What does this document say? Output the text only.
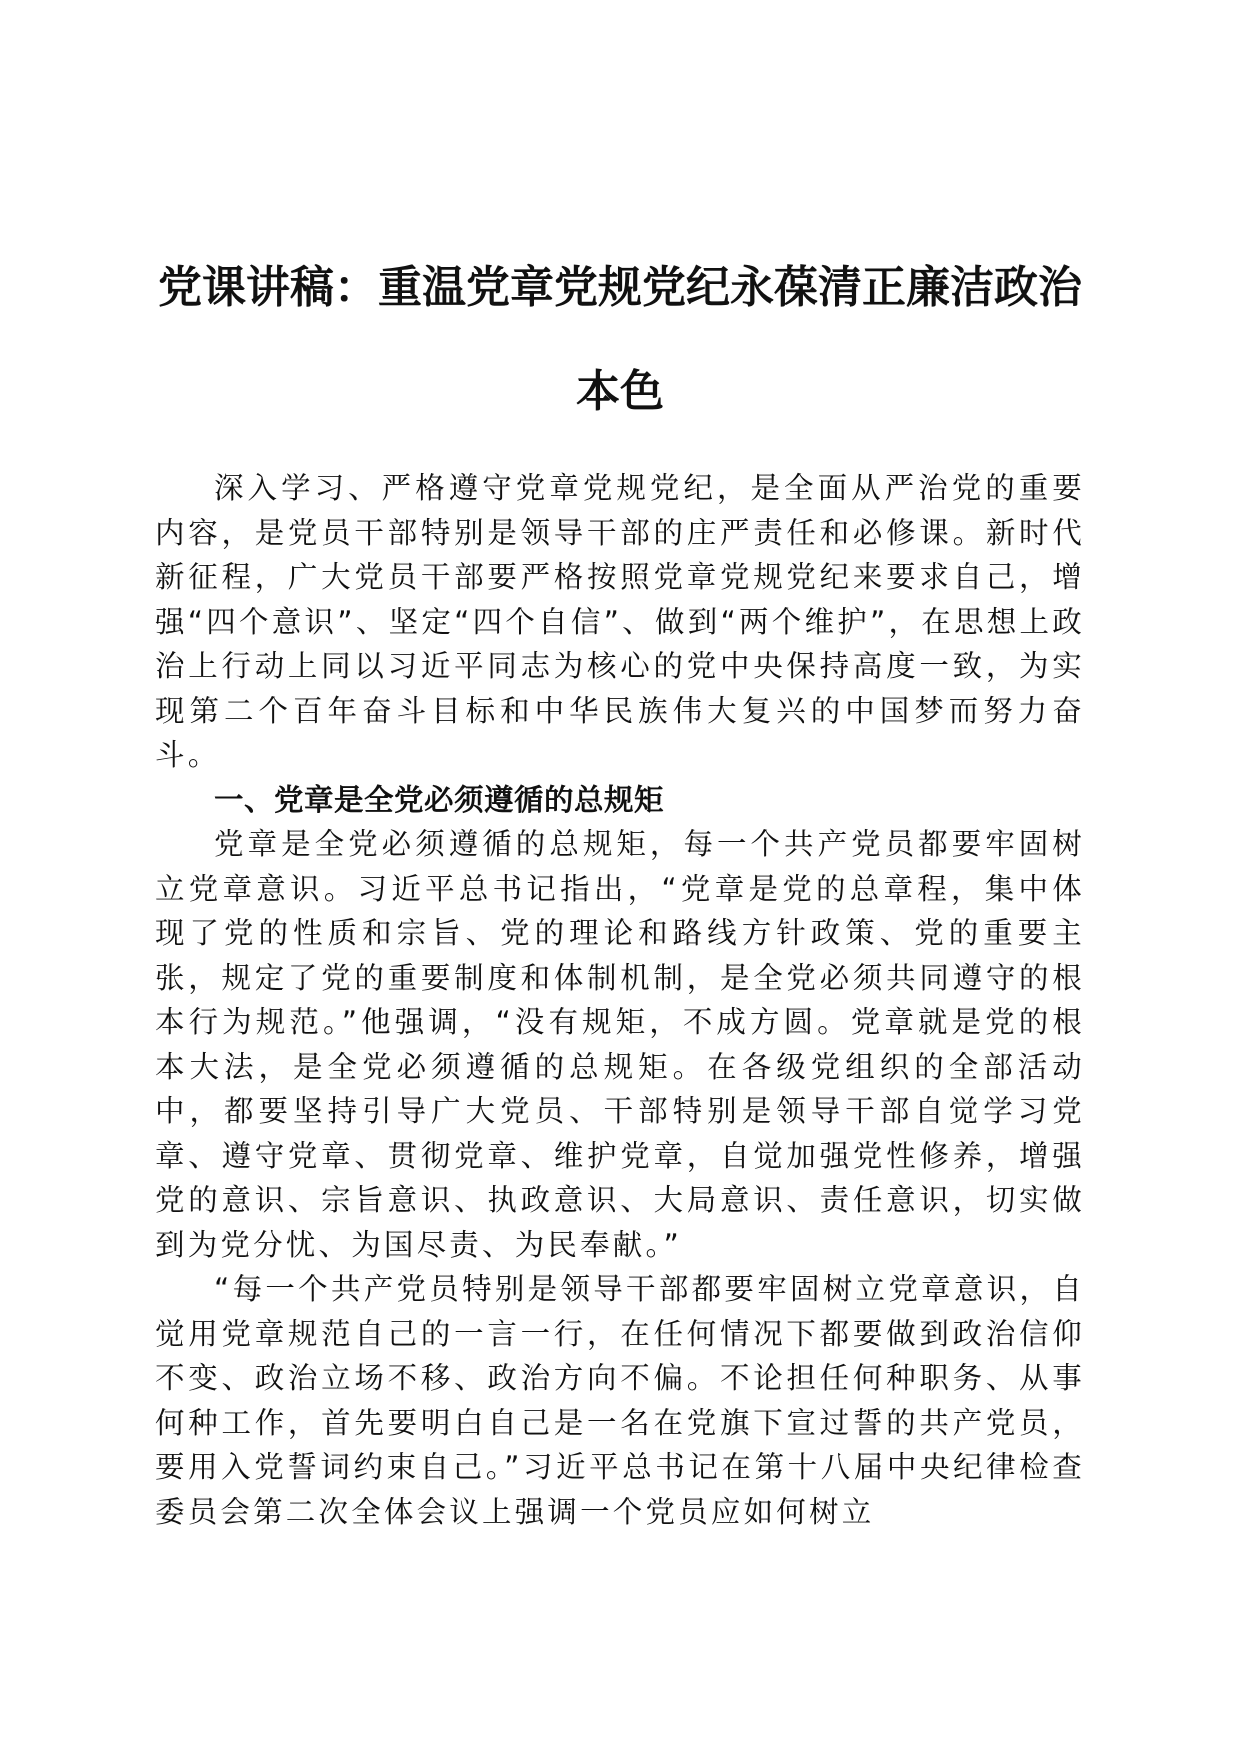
党课讲稿：重温党章党规党纪永葆清正廉洁政治本色

深入学习、严格遵守党章党规党纪，是全面从严治党的重要内容，是党员干部特别是领导干部的庄严责任和必修课。新时代新征程，广大党员干部要严格按照党章党规党纪来要求自己，增强“四个意识”、坚定“四个自信”、做到“两个维护”，在思想上政治上行动上同以习近平同志为核心的党中央保持高度一致，为实现第二个百年奋斗目标和中华民族伟大复兴的中国梦而努力奋斗。

一、党章是全党必须遵循的总规矩

党章是全党必须遵循的总规矩，每一个共产党员都要牢固树立党章意识。习近平总书记指出，“党章是党的总章程，集中体现了党的性质和宗旨、党的理论和路线方针政策、党的重要主张，规定了党的重要制度和体制机制，是全党必须共同遵守的根本行为规范。”他强调，“没有规矩，不成方圆。党章就是党的根本大法，是全党必须遵循的总规矩。在各级党组织的全部活动中，都要坚持引导广大党员、干部特别是领导干部自觉学习党章、遵守党章、贯彻党章、维护党章，自觉加强党性修养，增强党的意识、宗旨意识、执政意识、大局意识、责任意识，切实做到为党分忧、为国尽责、为民奉献。”

“每一个共产党员特别是领导干部都要牢固树立党章意识，自觉用党章规范自己的一言一行，在任何情况下都要做到政治信仰不变、政治立场不移、政治方向不偏。不论担任何种职务、从事何种工作，首先要明白自己是一名在党旗下宣过誓的共产党员，要用入党誓词约束自己。”习近平总书记在第十八届中央纪律检查委员会第二次全体会议上强调一个党员应如何树立
